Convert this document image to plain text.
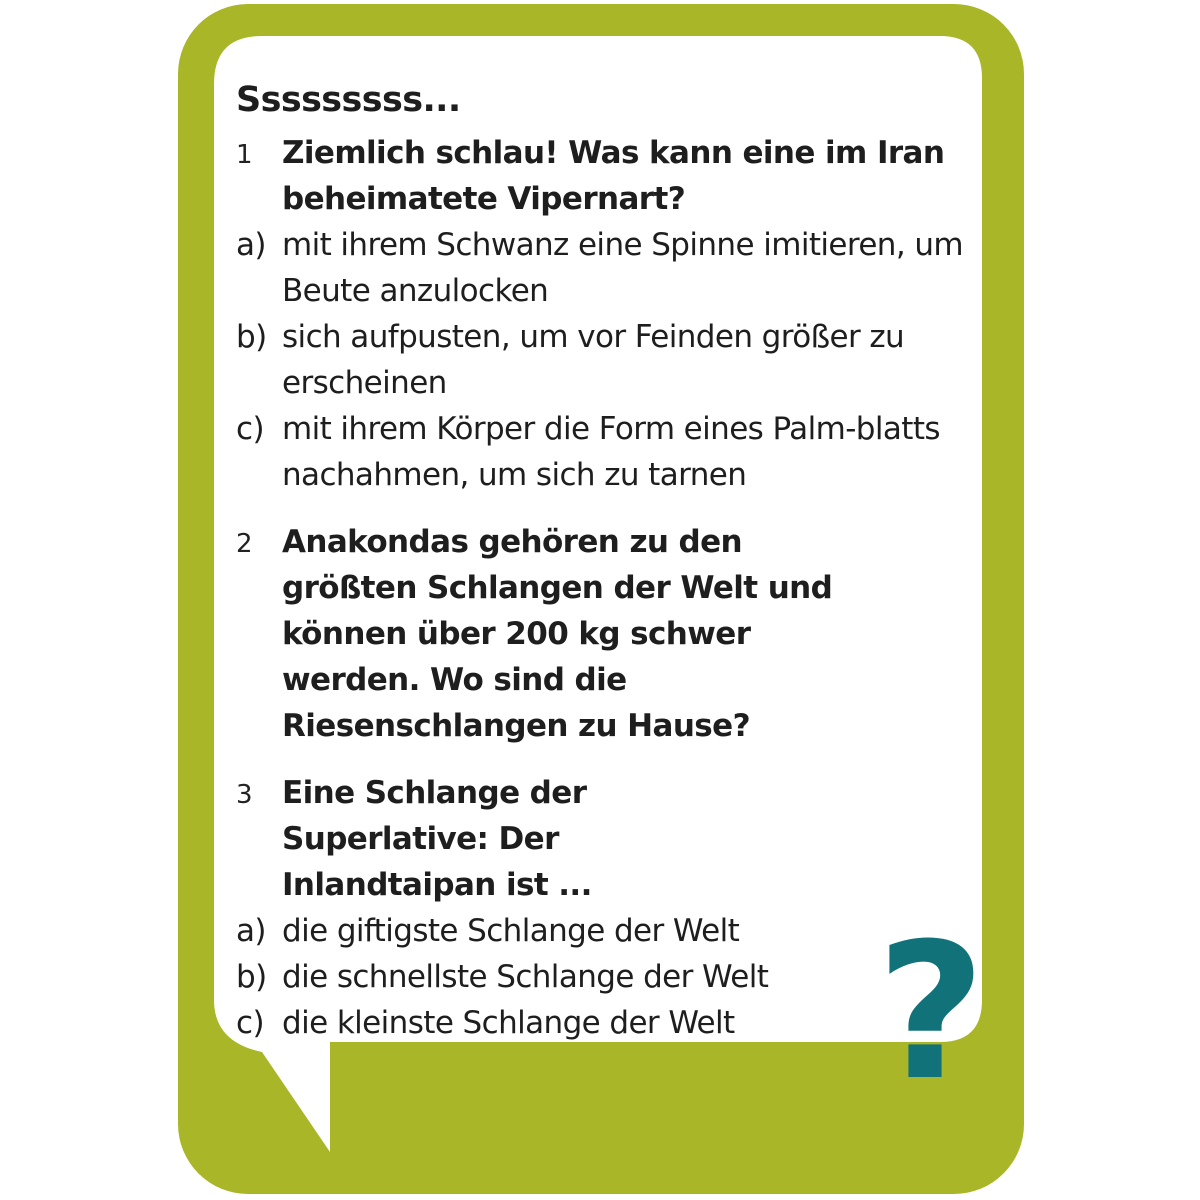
Sssssssss...
1 Ziemlich schlau! Was kann eine im Iran beheimatete Vipernart?
a) mit ihrem Schwanz eine Spinne imitieren, um Beute anzulocken
b) sich aufpusten, um vor Feinden größer zu erscheinen
c) mit ihrem Körper die Form eines Palm-blatts nachahmen, um sich zu tarnen
2 Anakondas gehören zu den größten Schlangen der Welt und können über 200 kg schwer werden. Wo sind die Riesenschlangen zu Hause?
3 Eine Schlange der Superlative: Der Inlandtaipan ist ...
a) die giftigste Schlange der Welt
b) die schnellste Schlange der Welt
c) die kleinste Schlange der Welt ?
